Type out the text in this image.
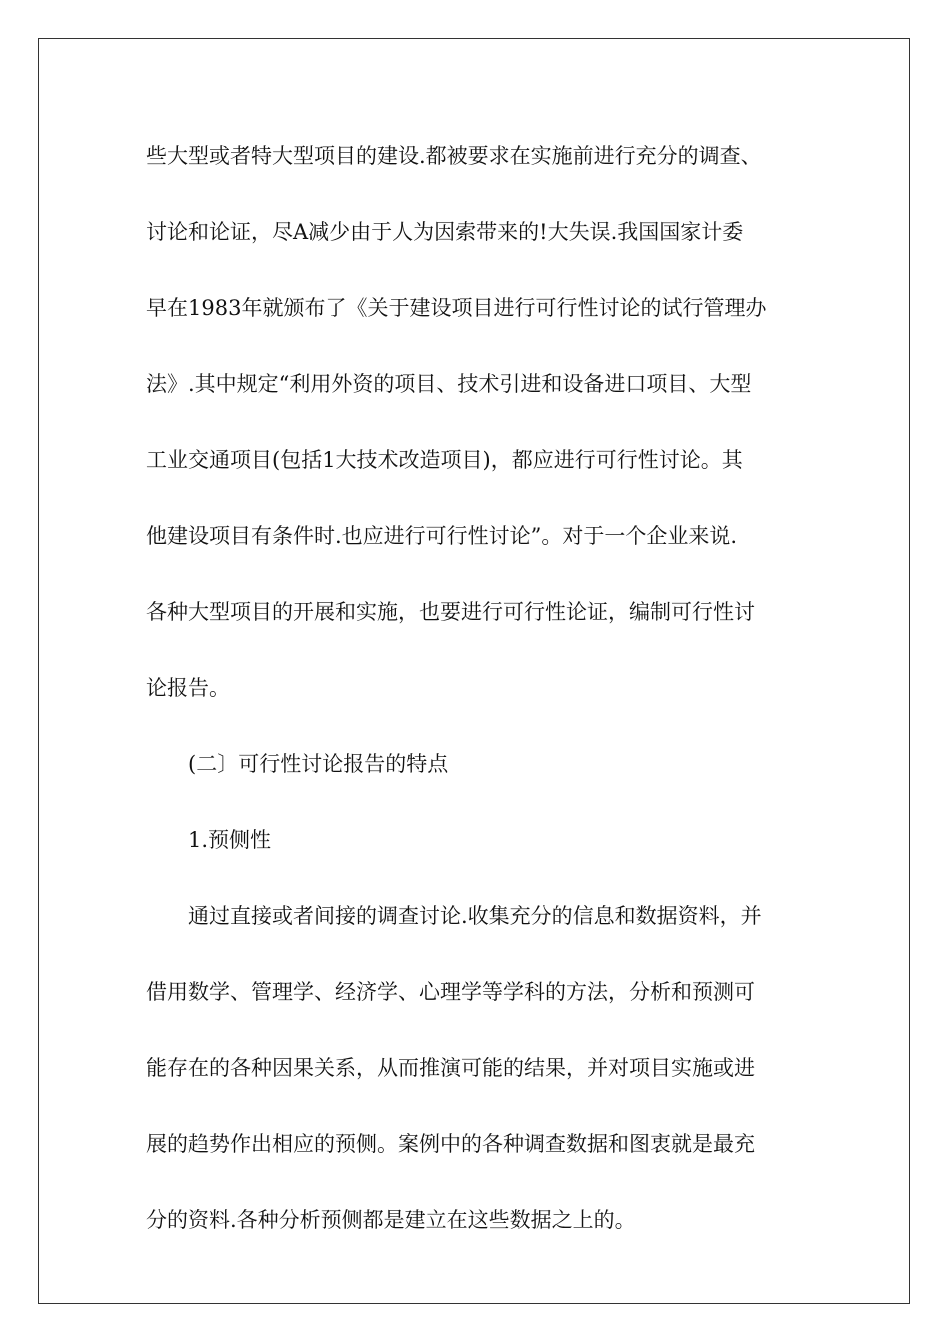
些大型或者特大型项目的建设.都被要求在实施前进行充分的调查、
讨论和论证，尽A减少由于人为因索带来的!大失误.我国国家计委
早在1983年就颁布了《关于建设项目进行可行性讨论的试行管理办
法》.其中规定“利用外资的项目、技术引进和设备进口项目、大型
工业交通项目(包括1大技术改造项目)，都应进行可行性讨论。其
他建设项目有条件时.也应进行可行性讨论”。对于一个企业来说.
各种大型项目的开展和实施，也要进行可行性论证，编制可行性讨
论报告。
(二〕可行性讨论报告的特点
1.预侧性
通过直接或者间接的调查讨论.收集充分的信息和数据资料，并
借用数学、管理学、经济学、心理学等学科的方法，分析和预测可
能存在的各种因果关系，从而推演可能的结果，并对项目实施或进
展的趋势作出相应的预侧。案例中的各种调查数据和图衷就是最充
分的资料.各种分析预侧都是建立在这些数据之上的。
